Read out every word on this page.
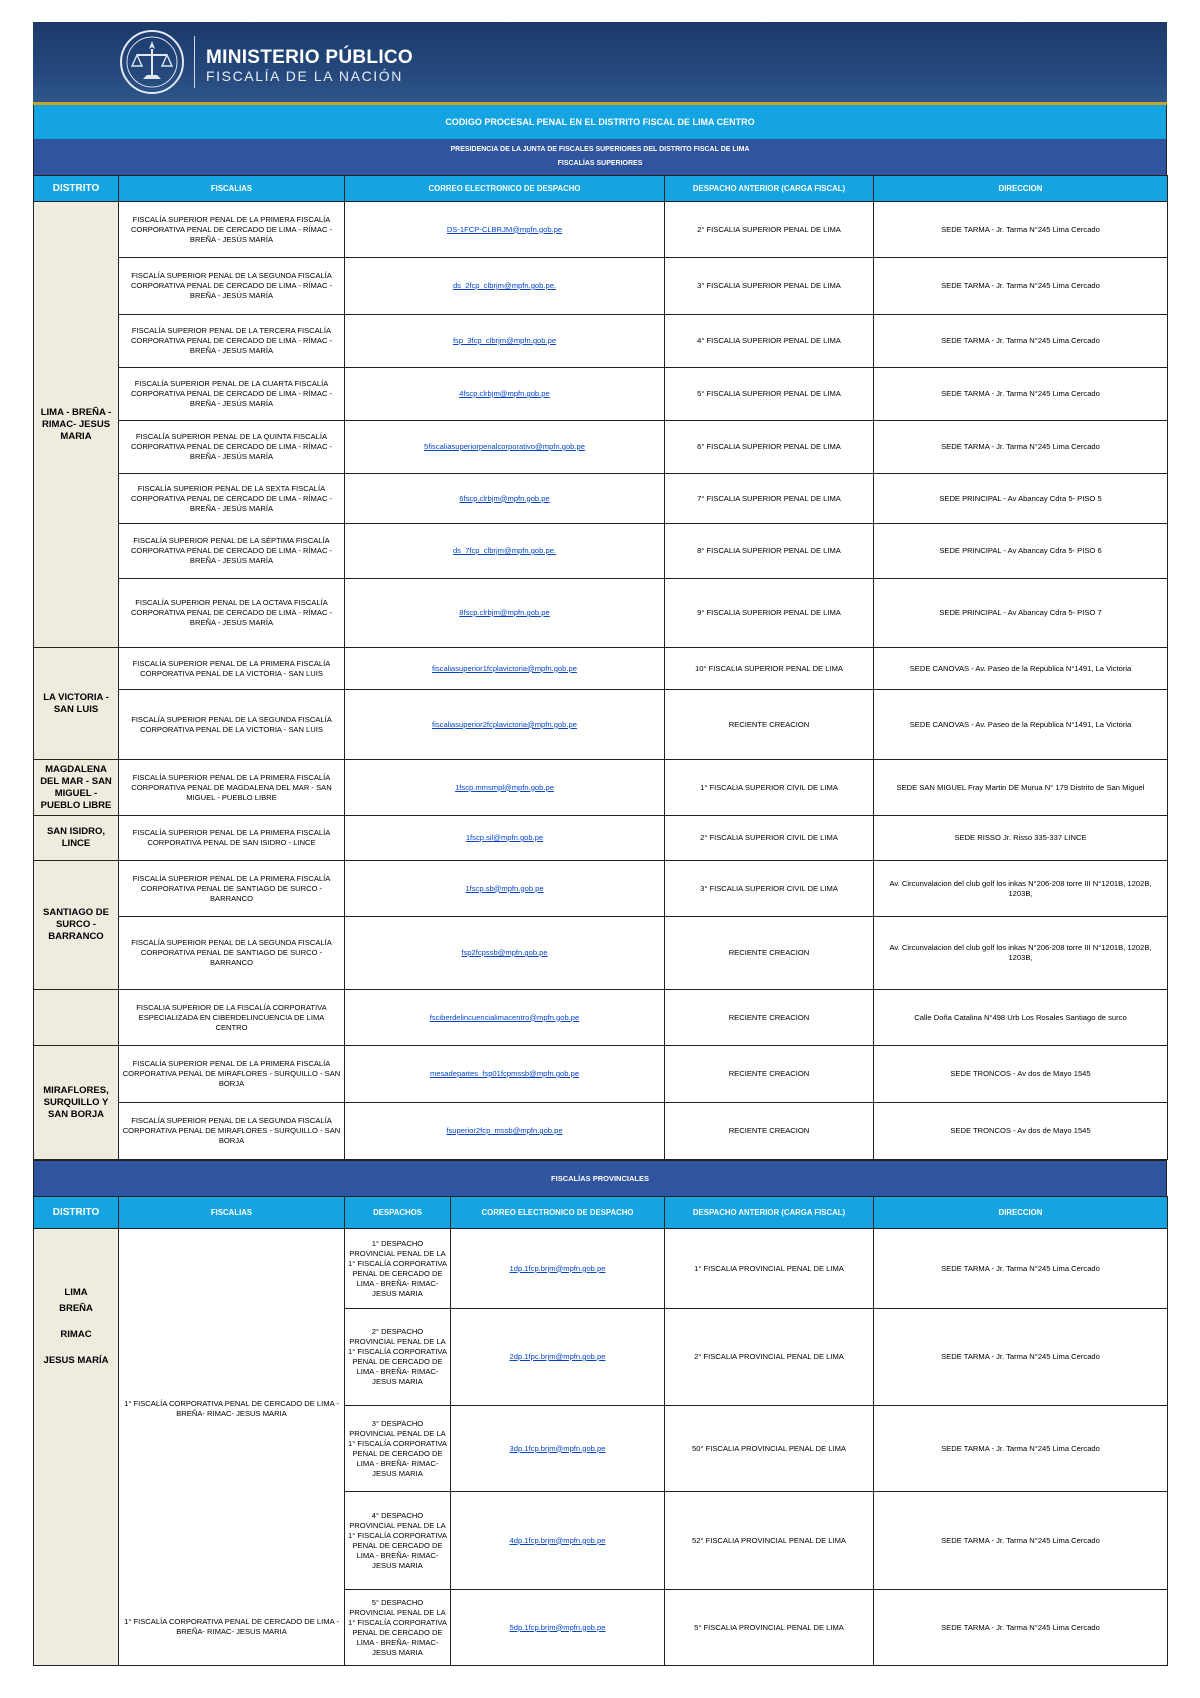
MINISTERIO PÚBLICO
FISCALÍA DE LA NACIÓN
CODIGO PROCESAL PENAL EN EL DISTRITO FISCAL DE LIMA CENTRO
PRESIDENCIA DE LA JUNTA DE FISCALES SUPERIORES DEL DISTRITO FISCAL DE LIMA
FISCALÍAS SUPERIORES
DISTRITO	FISCALIAS	CORREO ELECTRONICO DE DESPACHO	DESPACHO ANTERIOR (CARGA FISCAL)	DIRECCION
LIMA - BREÑA - RIMAC- JESUS MARIA	FISCALÍA SUPERIOR PENAL DE LA PRIMERA FISCALÍA CORPORATIVA PENAL DE CERCADO DE LIMA - RÍMAC - BREÑA - JESÚS MARÍA	DS-1FCP-CLBRJM@mpfn.gob.pe	2° FISCALIA SUPERIOR PENAL DE LIMA	SEDE TARMA - Jr. Tarma N°245 Lima Cercado
	FISCALÍA SUPERIOR PENAL DE LA SEGUNDA FISCALÍA CORPORATIVA PENAL DE CERCADO DE LIMA - RÍMAC - BREÑA - JESÚS MARÍA	ds_2fcp_clbrjm@mpfn.gob.pe.	3° FISCALIA SUPERIOR PENAL DE LIMA	SEDE TARMA - Jr. Tarma N°245 Lima Cercado
	FISCALÍA SUPERIOR PENAL DE LA TERCERA FISCALÍA CORPORATIVA PENAL DE CERCADO DE LIMA - RÍMAC - BREÑA - JESÚS MARÍA	fsp_3fcp_clbrjm@mpfn.gob.pe	4° FISCALIA SUPERIOR PENAL DE LIMA	SEDE TARMA - Jr. Tarma N°245 Lima Cercado
	FISCALÍA SUPERIOR PENAL DE LA CUARTA FISCALÍA CORPORATIVA PENAL DE CERCADO DE LIMA - RÍMAC - BREÑA - JESÚS MARÍA	4fscp.clrbjm@mpfn.gob.pe	5° FISCALIA SUPERIOR PENAL DE LIMA	SEDE TARMA - Jr. Tarma N°245 Lima Cercado
	FISCALÍA SUPERIOR PENAL DE LA QUINTA FISCALÍA CORPORATIVA PENAL DE CERCADO DE LIMA - RÍMAC - BREÑA - JESÚS MARÍA	5fiscaliasuperiorpenalcorporativo@mpfn.gob.pe	6° FISCALIA SUPERIOR PENAL DE LIMA	SEDE TARMA - Jr. Tarma N°245 Lima Cercado
	FISCALÍA SUPERIOR PENAL DE LA SEXTA FISCALÍA CORPORATIVA PENAL DE CERCADO DE LIMA - RÍMAC - BREÑA - JESÚS MARÍA	6fscp.clrbjm@mpfn.gob.pe	7° FISCALIA SUPERIOR PENAL DE LIMA	SEDE PRINCIPAL - Av Abancay Cdra 5- PISO 5
	FISCALÍA SUPERIOR PENAL DE LA SÉPTIMA FISCALÍA CORPORATIVA PENAL DE CERCADO DE LIMA - RÍMAC - BREÑA - JESÚS MARÍA	ds_7fcp_clbrjm@mpfn.gob.pe.	8° FISCALIA SUPERIOR PENAL DE LIMA	SEDE PRINCIPAL - Av Abancay Cdra 5- PISO 6
	FISCALÍA SUPERIOR PENAL DE LA OCTAVA FISCALÍA CORPORATIVA PENAL DE CERCADO DE LIMA - RÍMAC - BREÑA - JESÚS MARÍA	8fscp.clrbjm@mpfn.gob.pe	9° FISCALIA SUPERIOR PENAL DE LIMA	SEDE PRINCIPAL - Av Abancay Cdra 5- PISO 7
LA VICTORIA - SAN LUIS	FISCALÍA SUPERIOR PENAL DE LA PRIMERA FISCALÍA CORPORATIVA PENAL DE LA VICTORIA - SAN LUIS	fiscaliasuperior1fcplavictoria@mpfn.gob.pe	10° FISCALIA SUPERIOR PENAL DE LIMA	SEDE CANOVAS - Av. Paseo de la Republica N°1491, La Victoria
	FISCALÍA SUPERIOR PENAL DE LA SEGUNDA FISCALÍA CORPORATIVA PENAL DE LA VICTORIA - SAN LUIS	fiscaliasuperior2fcplavictoria@mpfn.gob.pe	RECIENTE CREACION	SEDE CANOVAS - Av. Paseo de la Republica N°1491, La Victoria
MAGDALENA DEL MAR - SAN MIGUEL - PUEBLO LIBRE	FISCALÍA SUPERIOR PENAL DE LA PRIMERA FISCALÍA CORPORATIVA PENAL DE MAGDALENA DEL MAR - SAN MIGUEL - PUEBLO LIBRE	1fscp.mmsmpl@mpfn.gob.pe	1° FISCALIA SUPERIOR CIVIL DE LIMA	SEDE SAN MIGUEL Fray Martin DE Murua N° 179 Distrito de San Miguel
SAN ISIDRO, LINCE	FISCALÍA SUPERIOR PENAL DE LA PRIMERA FISCALÍA CORPORATIVA PENAL DE SAN ISIDRO - LINCE	1fscp.sil@mpfn.gob.pe	2° FISCALIA SUPERIOR CIVIL DE LIMA	SEDE RISSO Jr. Risso 335-337 LINCE
SANTIAGO DE SURCO - BARRANCO	FISCALÍA SUPERIOR PENAL DE LA PRIMERA FISCALÍA CORPORATIVA PENAL DE SANTIAGO DE SURCO - BARRANCO	1fscp.sb@mpfn.gob.pe	3° FISCALIA SUPERIOR CIVIL DE LIMA	Av. Circunvalacion del club golf los inkas N°206-208 torre III N°1201B, 1202B, 1203B,
	FISCALÍA SUPERIOR PENAL DE LA SEGUNDA FISCALÍA CORPORATIVA PENAL DE SANTIAGO DE SURCO - BARRANCO	fsp2fcpssb@mpfn.gob.pe	RECIENTE CREACION	Av. Circunvalacion del club golf los inkas N°206-208 torre III N°1201B, 1202B, 1203B,
	FISCALIA SUPERIOR DE LA FISCALÍA CORPORATIVA ESPECIALIZADA EN CIBERDELINCUENCIA DE LIMA CENTRO	fsciberdelincuencialimacentro@mpfn.gob.pe	RECIENTE CREACION	Calle Doña Catalina N°498 Urb Los Rosales Santiago de surco
MIRAFLORES, SURQUILLO Y SAN BORJA	FISCALÍA SUPERIOR PENAL DE LA PRIMERA FISCALÍA CORPORATIVA PENAL DE MIRAFLORES - SURQUILLO - SAN BORJA	mesadepartes_fsp01fcpmssb@mpfn.gob.pe	RECIENTE CREACION	SEDE TRONCOS - Av dos de Mayo 1545
	FISCALÍA SUPERIOR PENAL DE LA SEGUNDA FISCALÍA CORPORATIVA PENAL DE MIRAFLORES - SURQUILLO - SAN BORJA	fsuperior2fcp_mssb@mpfn.gob.pe	RECIENTE CREACION	SEDE TRONCOS - Av dos de Mayo 1545
FISCALÍAS PROVINCIALES
DISTRITO	FISCALIAS	DESPACHOS	CORREO ELECTRONICO DE DESPACHO	DESPACHO ANTERIOR (CARGA FISCAL)	DIRECCION

LIMA
BREÑA
RIMAC
JESUS MARÍA	1° FISCALÍA CORPORATIVA PENAL DE CERCADO DE LIMA - BREÑA- RIMAC- JESUS MARIA	1° DESPACHO PROVINCIAL PENAL DE LA 1° FISCALÍA CORPORATIVA PENAL DE CERCADO DE LIMA - BREÑA- RIMAC- JESUS MARIA	1dp.1fcp.brjm@mpfn.gob.pe	1° FISCALIA PROVINCIAL PENAL DE LIMA	SEDE TARMA - Jr. Tarma N°245 Lima Cercado
		2° DESPACHO PROVINCIAL PENAL DE LA 1° FISCALÍA CORPORATIVA PENAL DE CERCADO DE LIMA - BREÑA- RIMAC- JESUS MARIA	2dp.1fpc.brjm@mpfn.gob.pe	2° FISCALIA PROVINCIAL PENAL DE LIMA	SEDE TARMA - Jr. Tarma N°245 Lima Cercado
		3° DESPACHO PROVINCIAL PENAL DE LA 1° FISCALÍA CORPORATIVA PENAL DE CERCADO DE LIMA - BREÑA- RIMAC- JESUS MARIA	3dp.1fcp.brjm@mpfn.gob.pe	50° FISCALIA PROVINCIAL PENAL DE LIMA	SEDE TARMA - Jr. Tarma N°245 Lima Cercado
		4° DESPACHO PROVINCIAL PENAL DE LA 1° FISCALÍA CORPORATIVA PENAL DE CERCADO DE LIMA - BREÑA- RIMAC- JESUS MARIA	4dp.1fcp.brjm@mpfn.gob.pe	52° FISCALIA PROVINCIAL PENAL DE LIMA	SEDE TARMA - Jr. Tarma N°245 Lima Cercado
	1° FISCALÍA CORPORATIVA PENAL DE CERCADO DE LIMA - BREÑA- RIMAC- JESUS MARIA	5° DESPACHO PROVINCIAL PENAL DE LA 1° FISCALÍA CORPORATIVA PENAL DE CERCADO DE LIMA - BREÑA- RIMAC- JESUS MARIA	5dp.1fcp.brjm@mpfn.gob.pe	5° FISCALIA PROVINCIAL PENAL DE LIMA	SEDE TARMA - Jr. Tarma N°245 Lima Cercado
